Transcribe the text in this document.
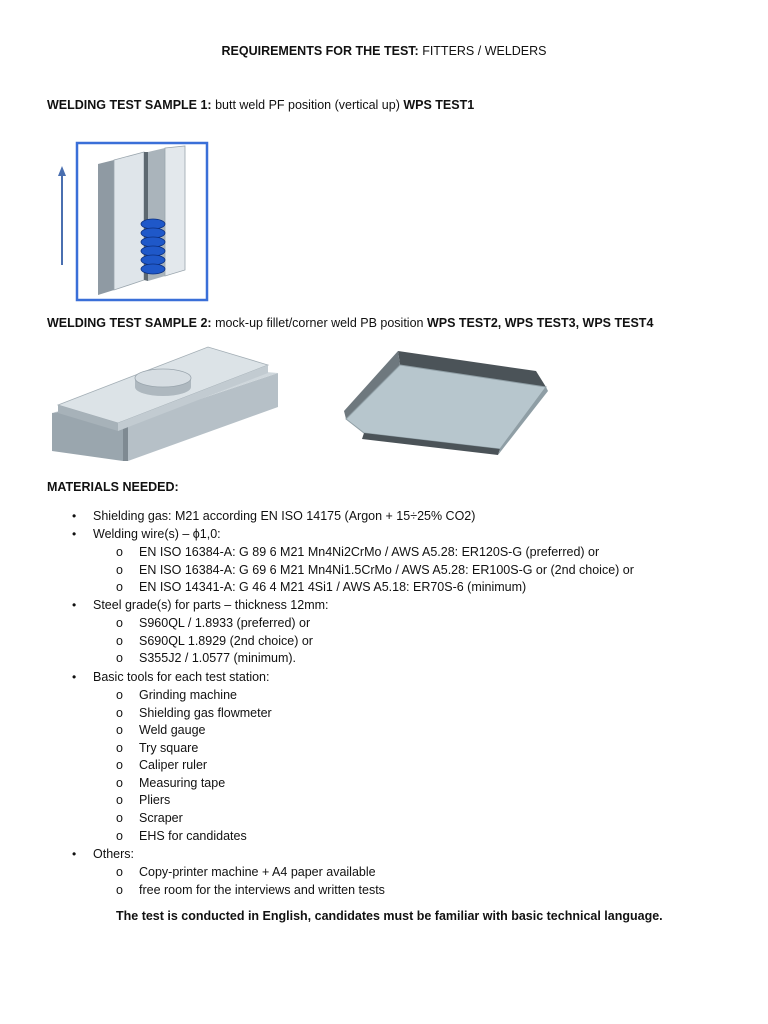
REQUIREMENTS FOR THE TEST: FITTERS / WELDERS
WELDING TEST SAMPLE 1: butt weld PF position (vertical up) WPS TEST1
WELDING TEST SAMPLE 2: mock-up fillet/corner weld PB position WPS TEST2, WPS TEST3, WPS TEST4
MATERIALS NEEDED:
• Shielding gas: M21 according EN ISO 14175 (Argon + 15÷25% CO2)
• Welding wire(s) – ϕ1,0:
o EN ISO 16384-A: G 89 6 M21 Mn4Ni2CrMo / AWS A5.28: ER120S-G (preferred) or
o EN ISO 16384-A: G 69 6 M21 Mn4Ni1.5CrMo / AWS A5.28: ER100S-G or (2nd choice) or
o EN ISO 14341-A: G 46 4 M21 4Si1 / AWS A5.18: ER70S-6 (minimum)
• Steel grade(s) for parts – thickness 12mm:
o S960QL / 1.8933 (preferred) or
o S690QL 1.8929 (2nd choice) or
o S355J2 / 1.0577 (minimum).
• Basic tools for each test station:
o Grinding machine
o Shielding gas flowmeter
o Weld gauge
o Try square
o Caliper ruler
o Measuring tape
o Pliers
o Scraper
o EHS for candidates
• Others:
o Copy-printer machine + A4 paper available
o free room for the interviews and written tests
The test is conducted in English, candidates must be familiar with basic technical language.
